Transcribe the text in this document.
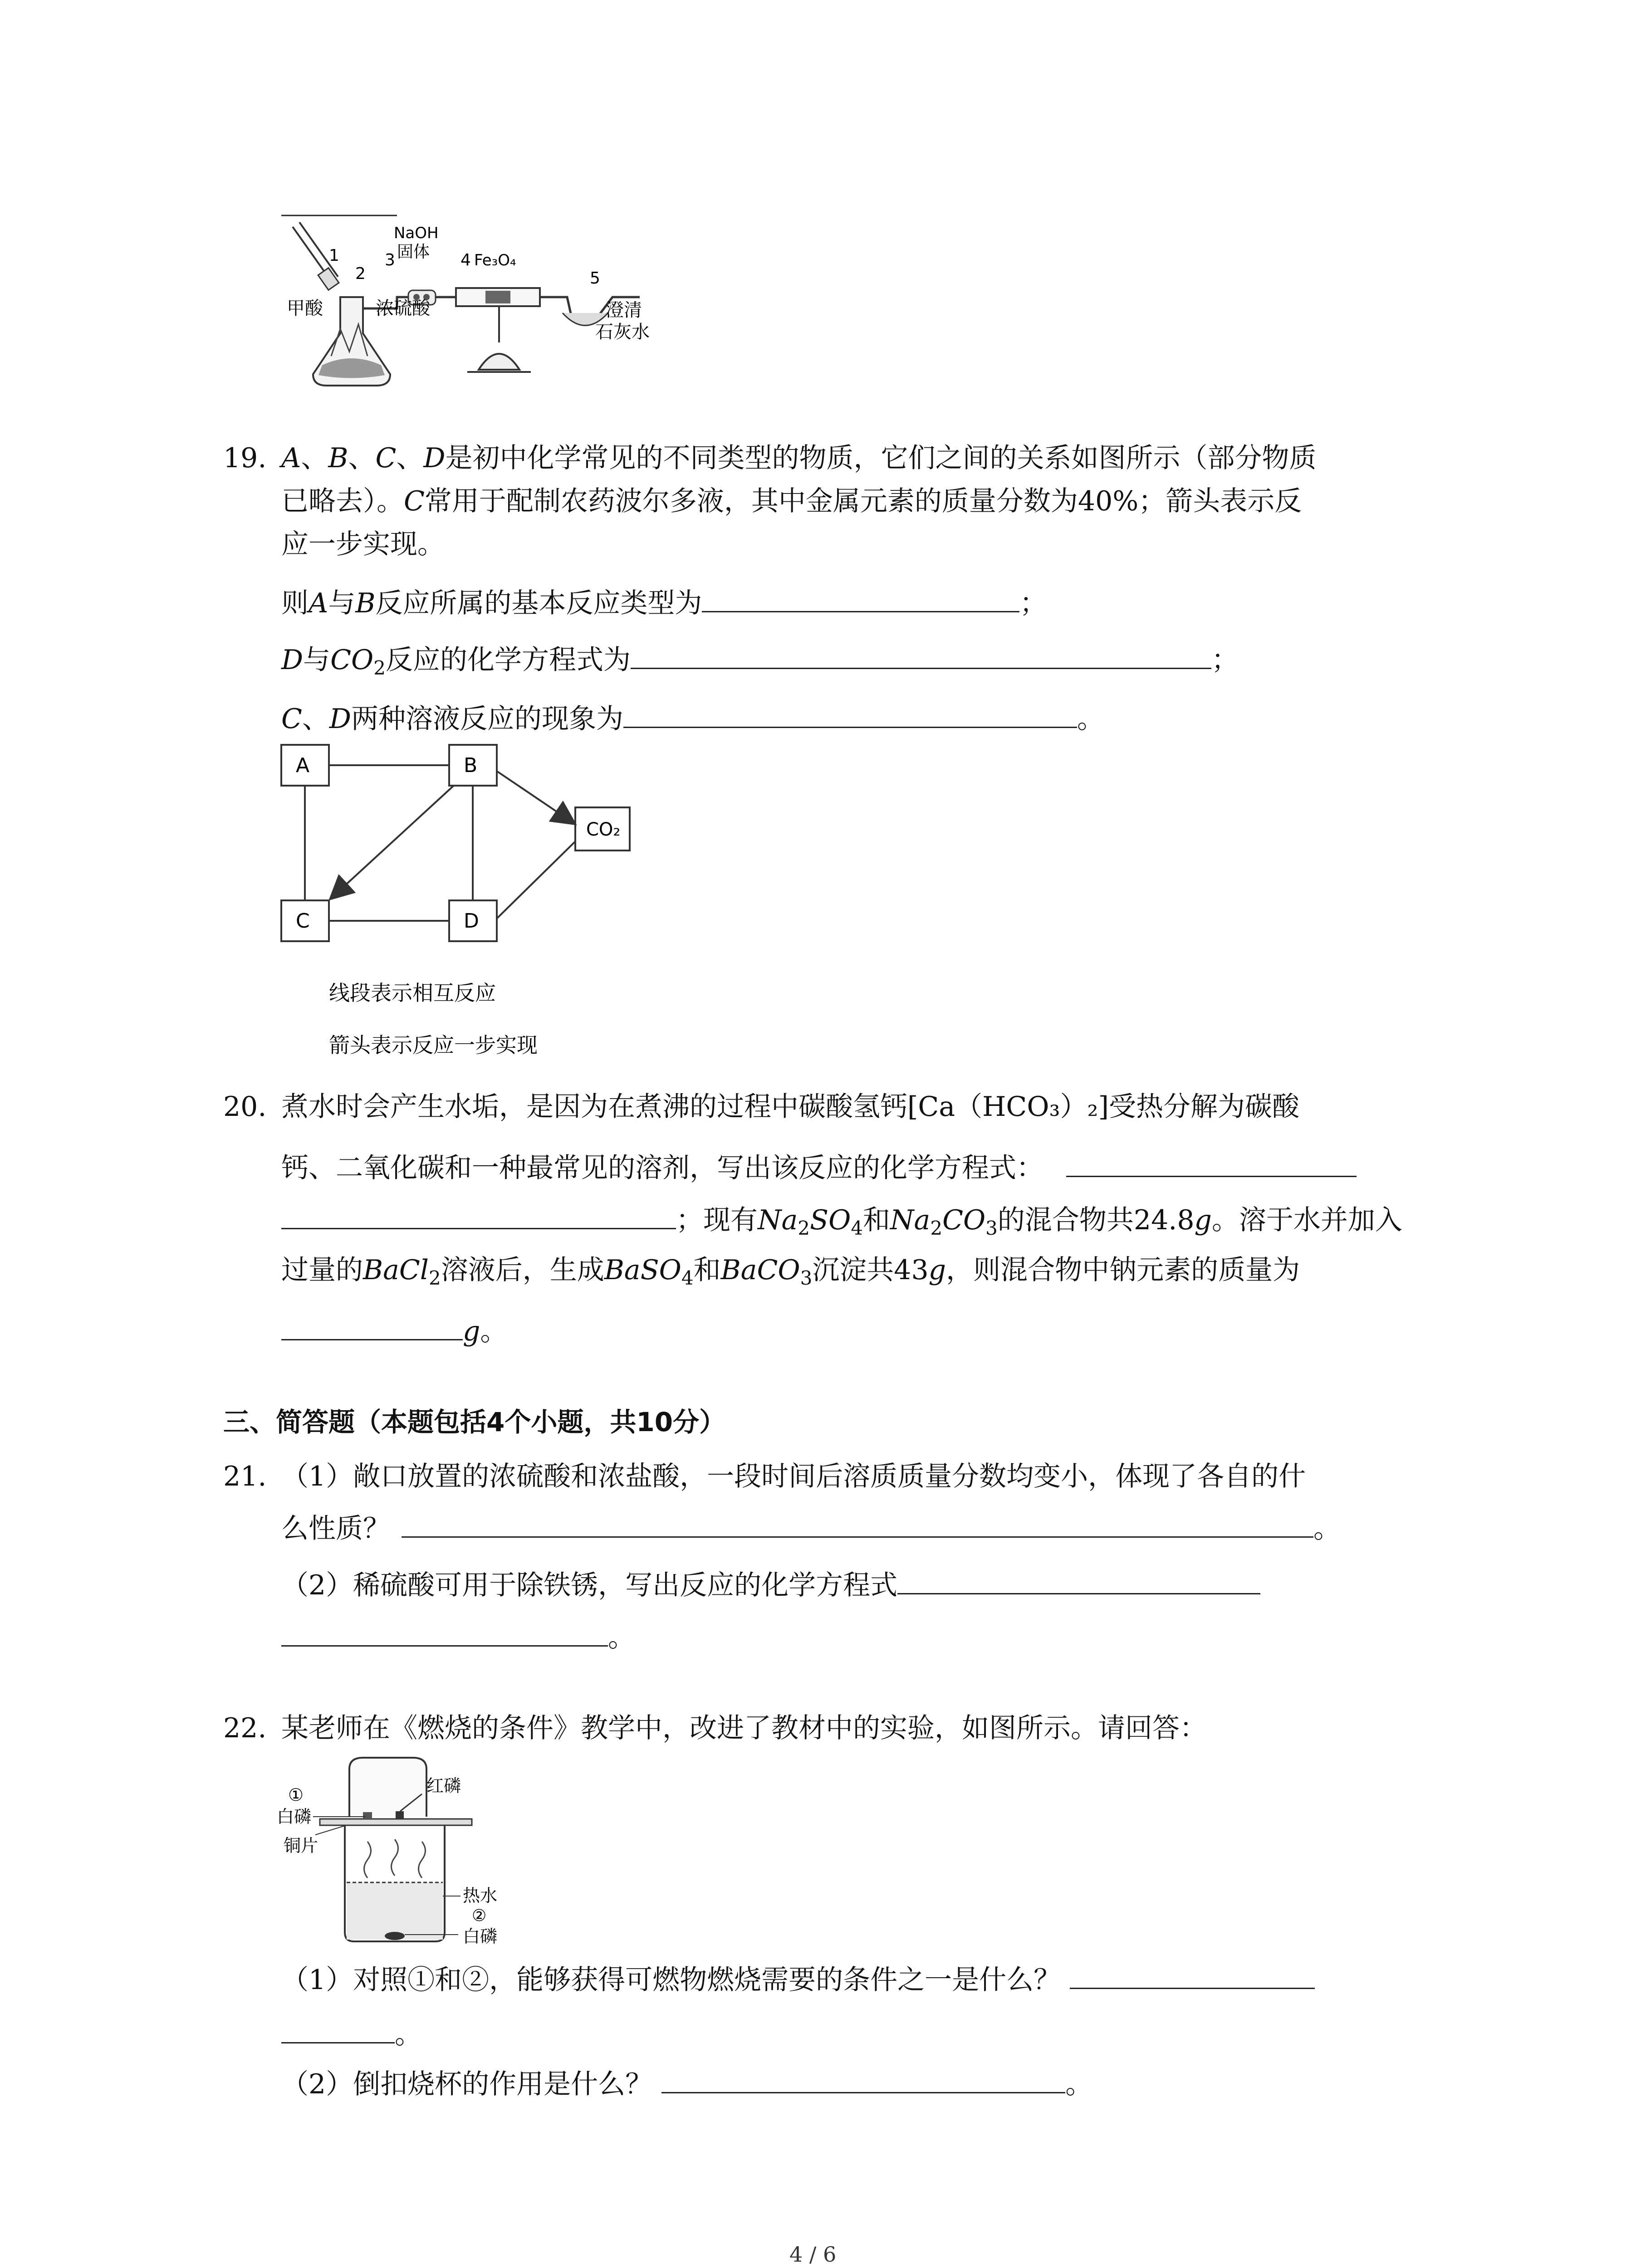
1
2
3
NaOH
固体 4 Fe₃O₄
5
甲酸	浓硫酸	澄清
石灰水
19. A、B、C、D是初中化学常见的不同类型的物质，它们之间的关系如图所示（部分物质
已略去）。C常用于配制农药波尔多液，其中金属元素的质量分数为40%；箭头表示反
应一步实现。
则A与B反应所属的基本反应类型为	；
D与$CO_2$反应的化学方程式为	；
C、D两种溶液反应的现象为	。
A	B
C	D
CO₂
线段表示相互反应
箭头表示反应一步实现
20. 煮水时会产生水垢，是因为在煮沸的过程中碳酸氢钙[Ca（HCO₃）₂]受热分解为碳酸
钙、二氧化碳和一种最常见的溶剂，写出该反应的化学方程式：
；现有$Na_2SO_4$和$Na_2CO_3$的混合物共24.8g。溶于水并加入
过量的BaCl$_2$溶液后，生成BaSO$_4$和BaCO$_3$沉淀共43g，则混合物中钠元素的质量为
g。
三、简答题（本题包括4个小题，共10分）
21. （1）敞口放置的浓硫酸和浓盐酸，一段时间后溶质质量分数均变小，体现了各自的什
么性质？	。
（2）稀硫酸可用于除铁锈，写出反应的化学方程式
。
22. 某老师在《燃烧的条件》教学中，改进了教材中的实验，如图所示。请回答：
红磷
①
白磷
铜片
热水
②
白磷
（1）对照①和②，能够获得可燃物燃烧需要的条件之一是什么？
。
（2）倒扣烧杯的作用是什么？	。
4 / 6
